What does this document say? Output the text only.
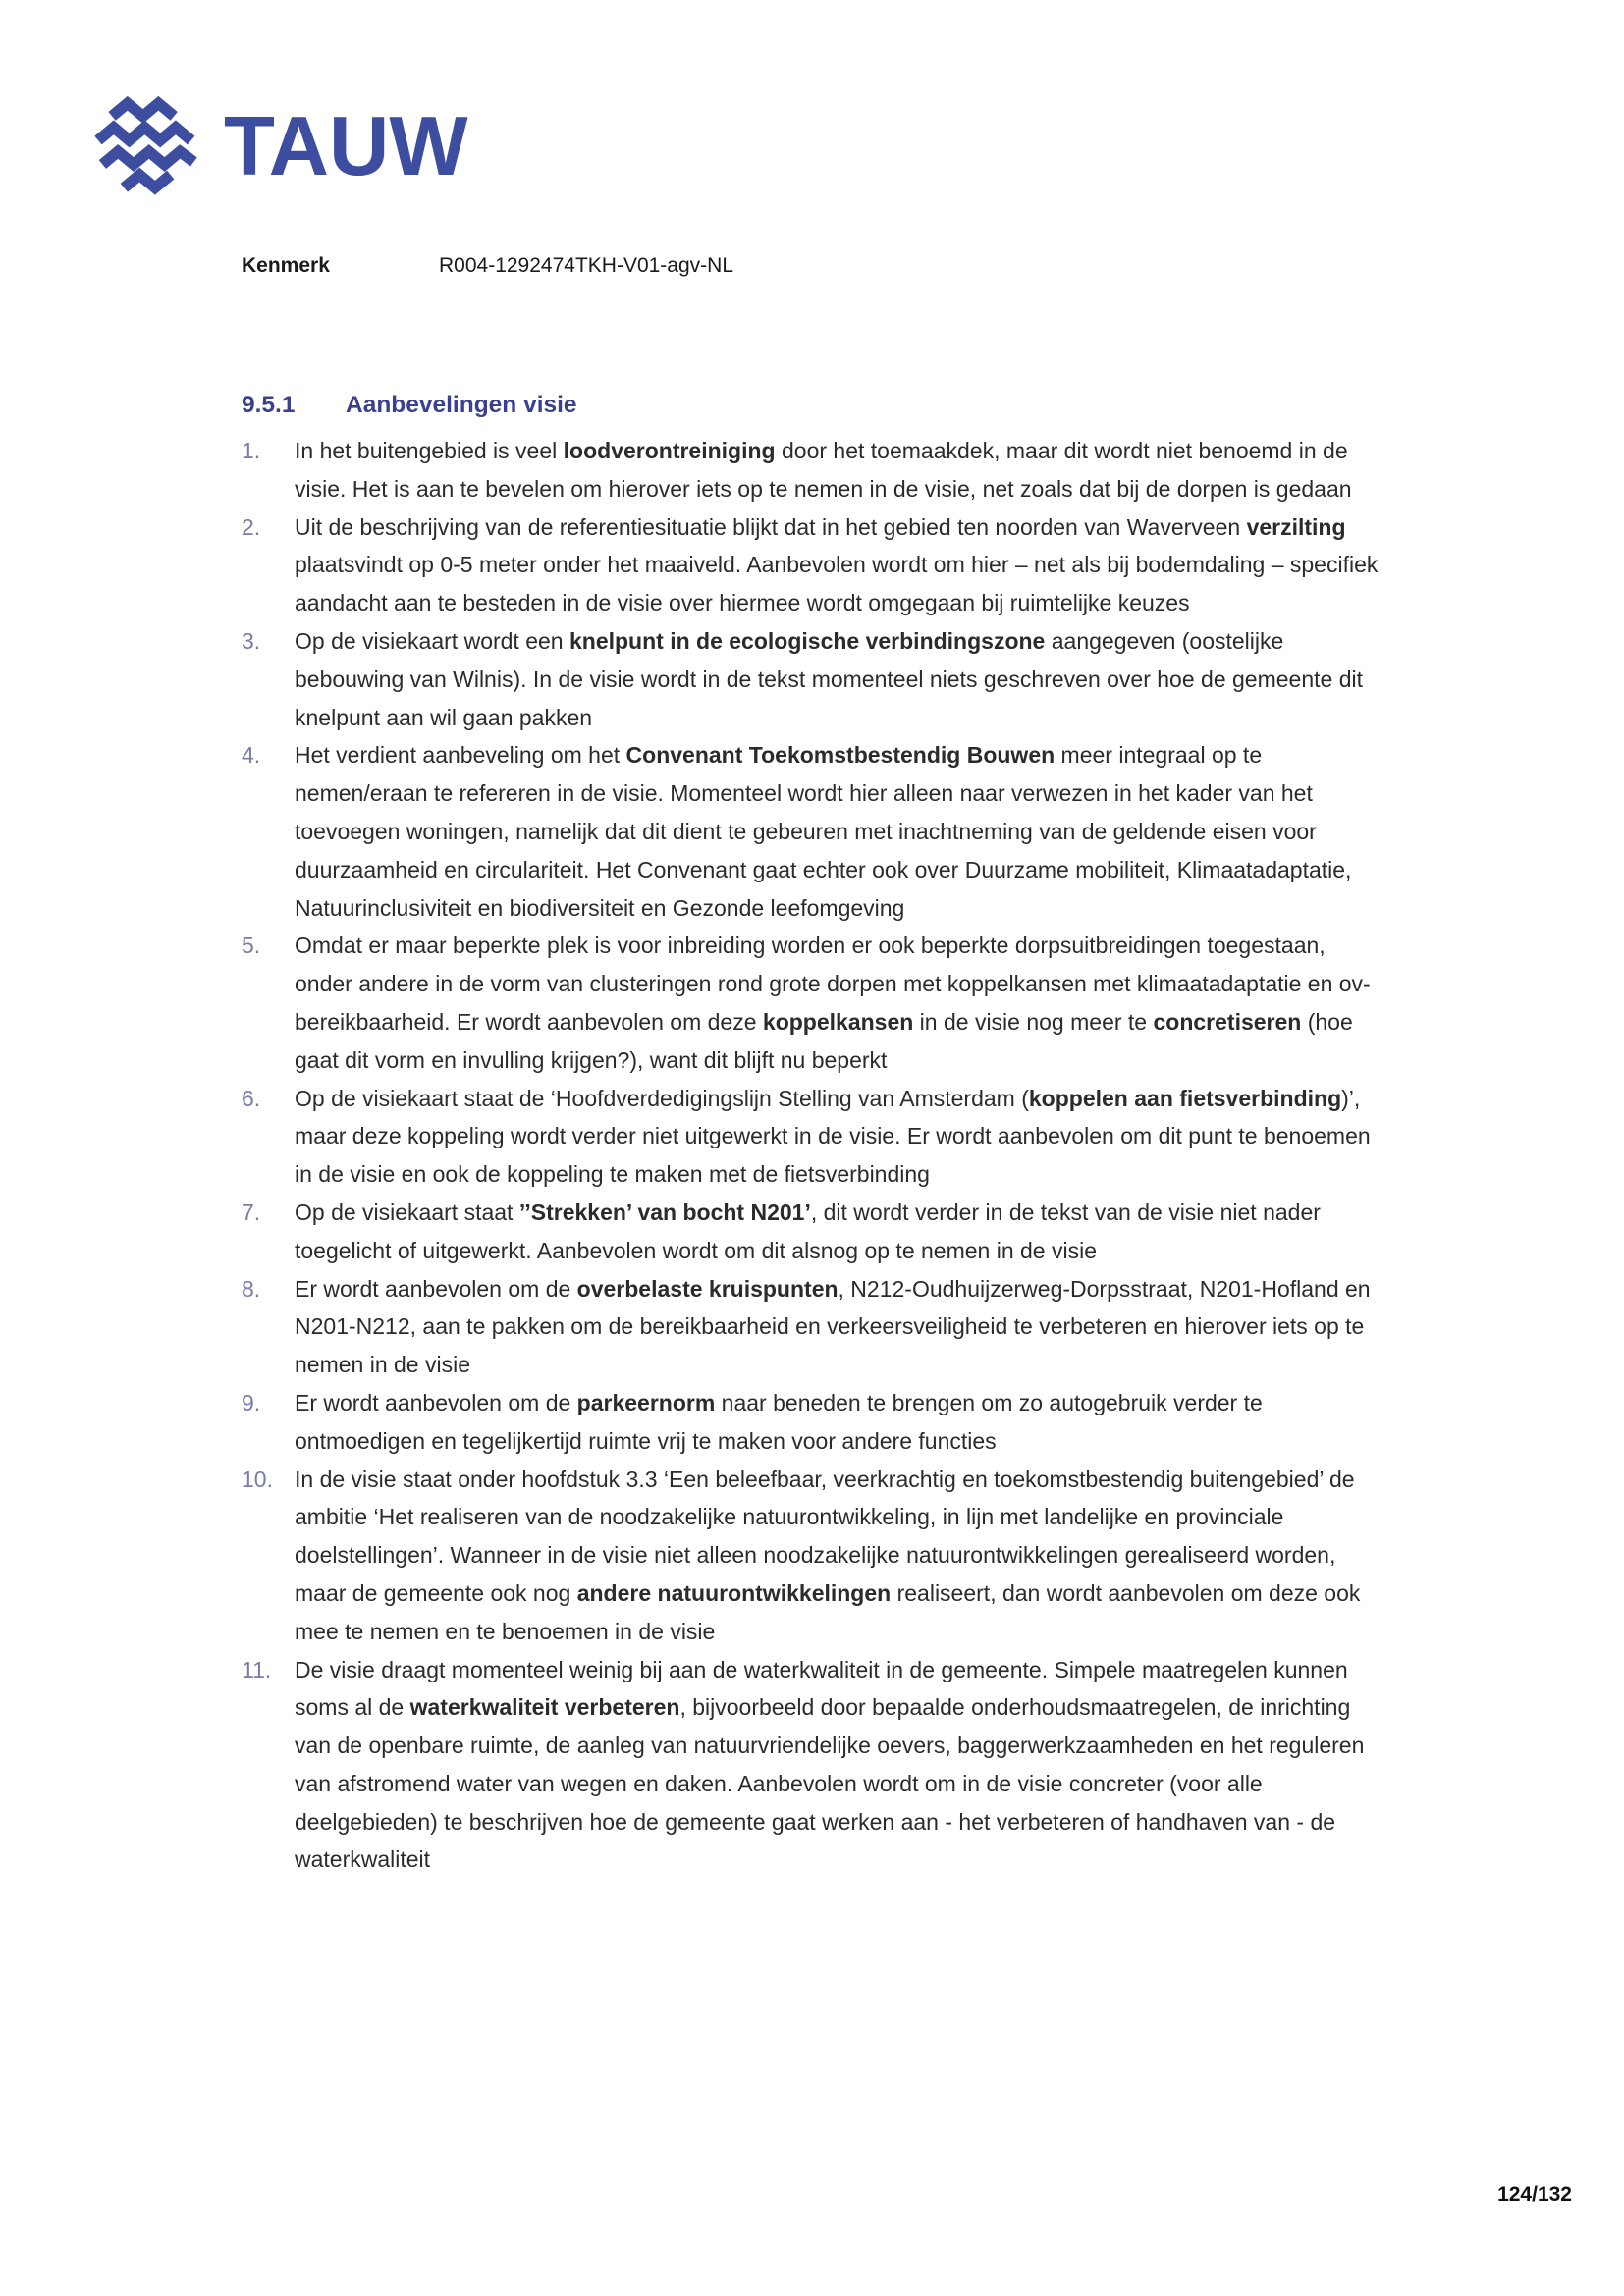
TAUW
Kenmerk	R004-1292474TKH-V01-agv-NL
9.5.1 Aanbevelingen visie
1.	In het buitengebied is veel loodverontreiniging door het toemaakdek, maar dit wordt niet benoemd in de visie. Het is aan te bevelen om hierover iets op te nemen in de visie, net zoals dat bij de dorpen is gedaan
2.	Uit de beschrijving van de referentiesituatie blijkt dat in het gebied ten noorden van Waverveen verzilting plaatsvindt op 0-5 meter onder het maaiveld. Aanbevolen wordt om hier – net als bij bodemdaling – specifiek aandacht aan te besteden in de visie over hiermee wordt omgegaan bij ruimtelijke keuzes
3.	Op de visiekaart wordt een knelpunt in de ecologische verbindingszone aangegeven (oostelijke bebouwing van Wilnis). In de visie wordt in de tekst momenteel niets geschreven over hoe de gemeente dit knelpunt aan wil gaan pakken
4.	Het verdient aanbeveling om het Convenant Toekomstbestendig Bouwen meer integraal op te nemen/eraan te refereren in de visie. Momenteel wordt hier alleen naar verwezen in het kader van het toevoegen woningen, namelijk dat dit dient te gebeuren met inachtneming van de geldende eisen voor duurzaamheid en circulariteit. Het Convenant gaat echter ook over Duurzame mobiliteit, Klimaatadaptatie, Natuurinclusiviteit en biodiversiteit en Gezonde leefomgeving
5.	Omdat er maar beperkte plek is voor inbreiding worden er ook beperkte dorpsuitbreidingen toegestaan, onder andere in de vorm van clusteringen rond grote dorpen met koppelkansen met klimaatadaptatie en ov-bereikbaarheid. Er wordt aanbevolen om deze koppelkansen in de visie nog meer te concretiseren (hoe gaat dit vorm en invulling krijgen?), want dit blijft nu beperkt
6.	Op de visiekaart staat de ‘Hoofdverdedigingslijn Stelling van Amsterdam (koppelen aan fietsverbinding)’, maar deze koppeling wordt verder niet uitgewerkt in de visie. Er wordt aanbevolen om dit punt te benoemen in de visie en ook de koppeling te maken met de fietsverbinding
7.	Op de visiekaart staat ’’Strekken’ van bocht N201’, dit wordt verder in de tekst van de visie niet nader toegelicht of uitgewerkt. Aanbevolen wordt om dit alsnog op te nemen in de visie
8.	Er wordt aanbevolen om de overbelaste kruispunten, N212-Oudhuijzerweg-Dorpsstraat, N201-Hofland en N201-N212, aan te pakken om de bereikbaarheid en verkeersveiligheid te verbeteren en hierover iets op te nemen in de visie
9.	Er wordt aanbevolen om de parkeernorm naar beneden te brengen om zo autogebruik verder te ontmoedigen en tegelijkertijd ruimte vrij te maken voor andere functies
10. In de visie staat onder hoofdstuk 3.3 ‘Een beleefbaar, veerkrachtig en toekomstbestendig buitengebied’ de ambitie ‘Het realiseren van de noodzakelijke natuurontwikkeling, in lijn met landelijke en provinciale doelstellingen’. Wanneer in de visie niet alleen noodzakelijke natuurontwikkelingen gerealiseerd worden, maar de gemeente ook nog andere natuurontwikkelingen realiseert, dan wordt aanbevolen om deze ook mee te nemen en te benoemen in de visie
11.	De visie draagt momenteel weinig bij aan de waterkwaliteit in de gemeente. Simpele maatregelen kunnen soms al de waterkwaliteit verbeteren, bijvoorbeeld door bepaalde onderhoudsmaatregelen, de inrichting van de openbare ruimte, de aanleg van natuurvriendelijke oevers, baggerwerkzaamheden en het reguleren van afstromend water van wegen en daken. Aanbevolen wordt om in de visie concreter (voor alle deelgebieden) te beschrijven hoe de gemeente gaat werken aan - het verbeteren of handhaven van - de waterkwaliteit
124/132
